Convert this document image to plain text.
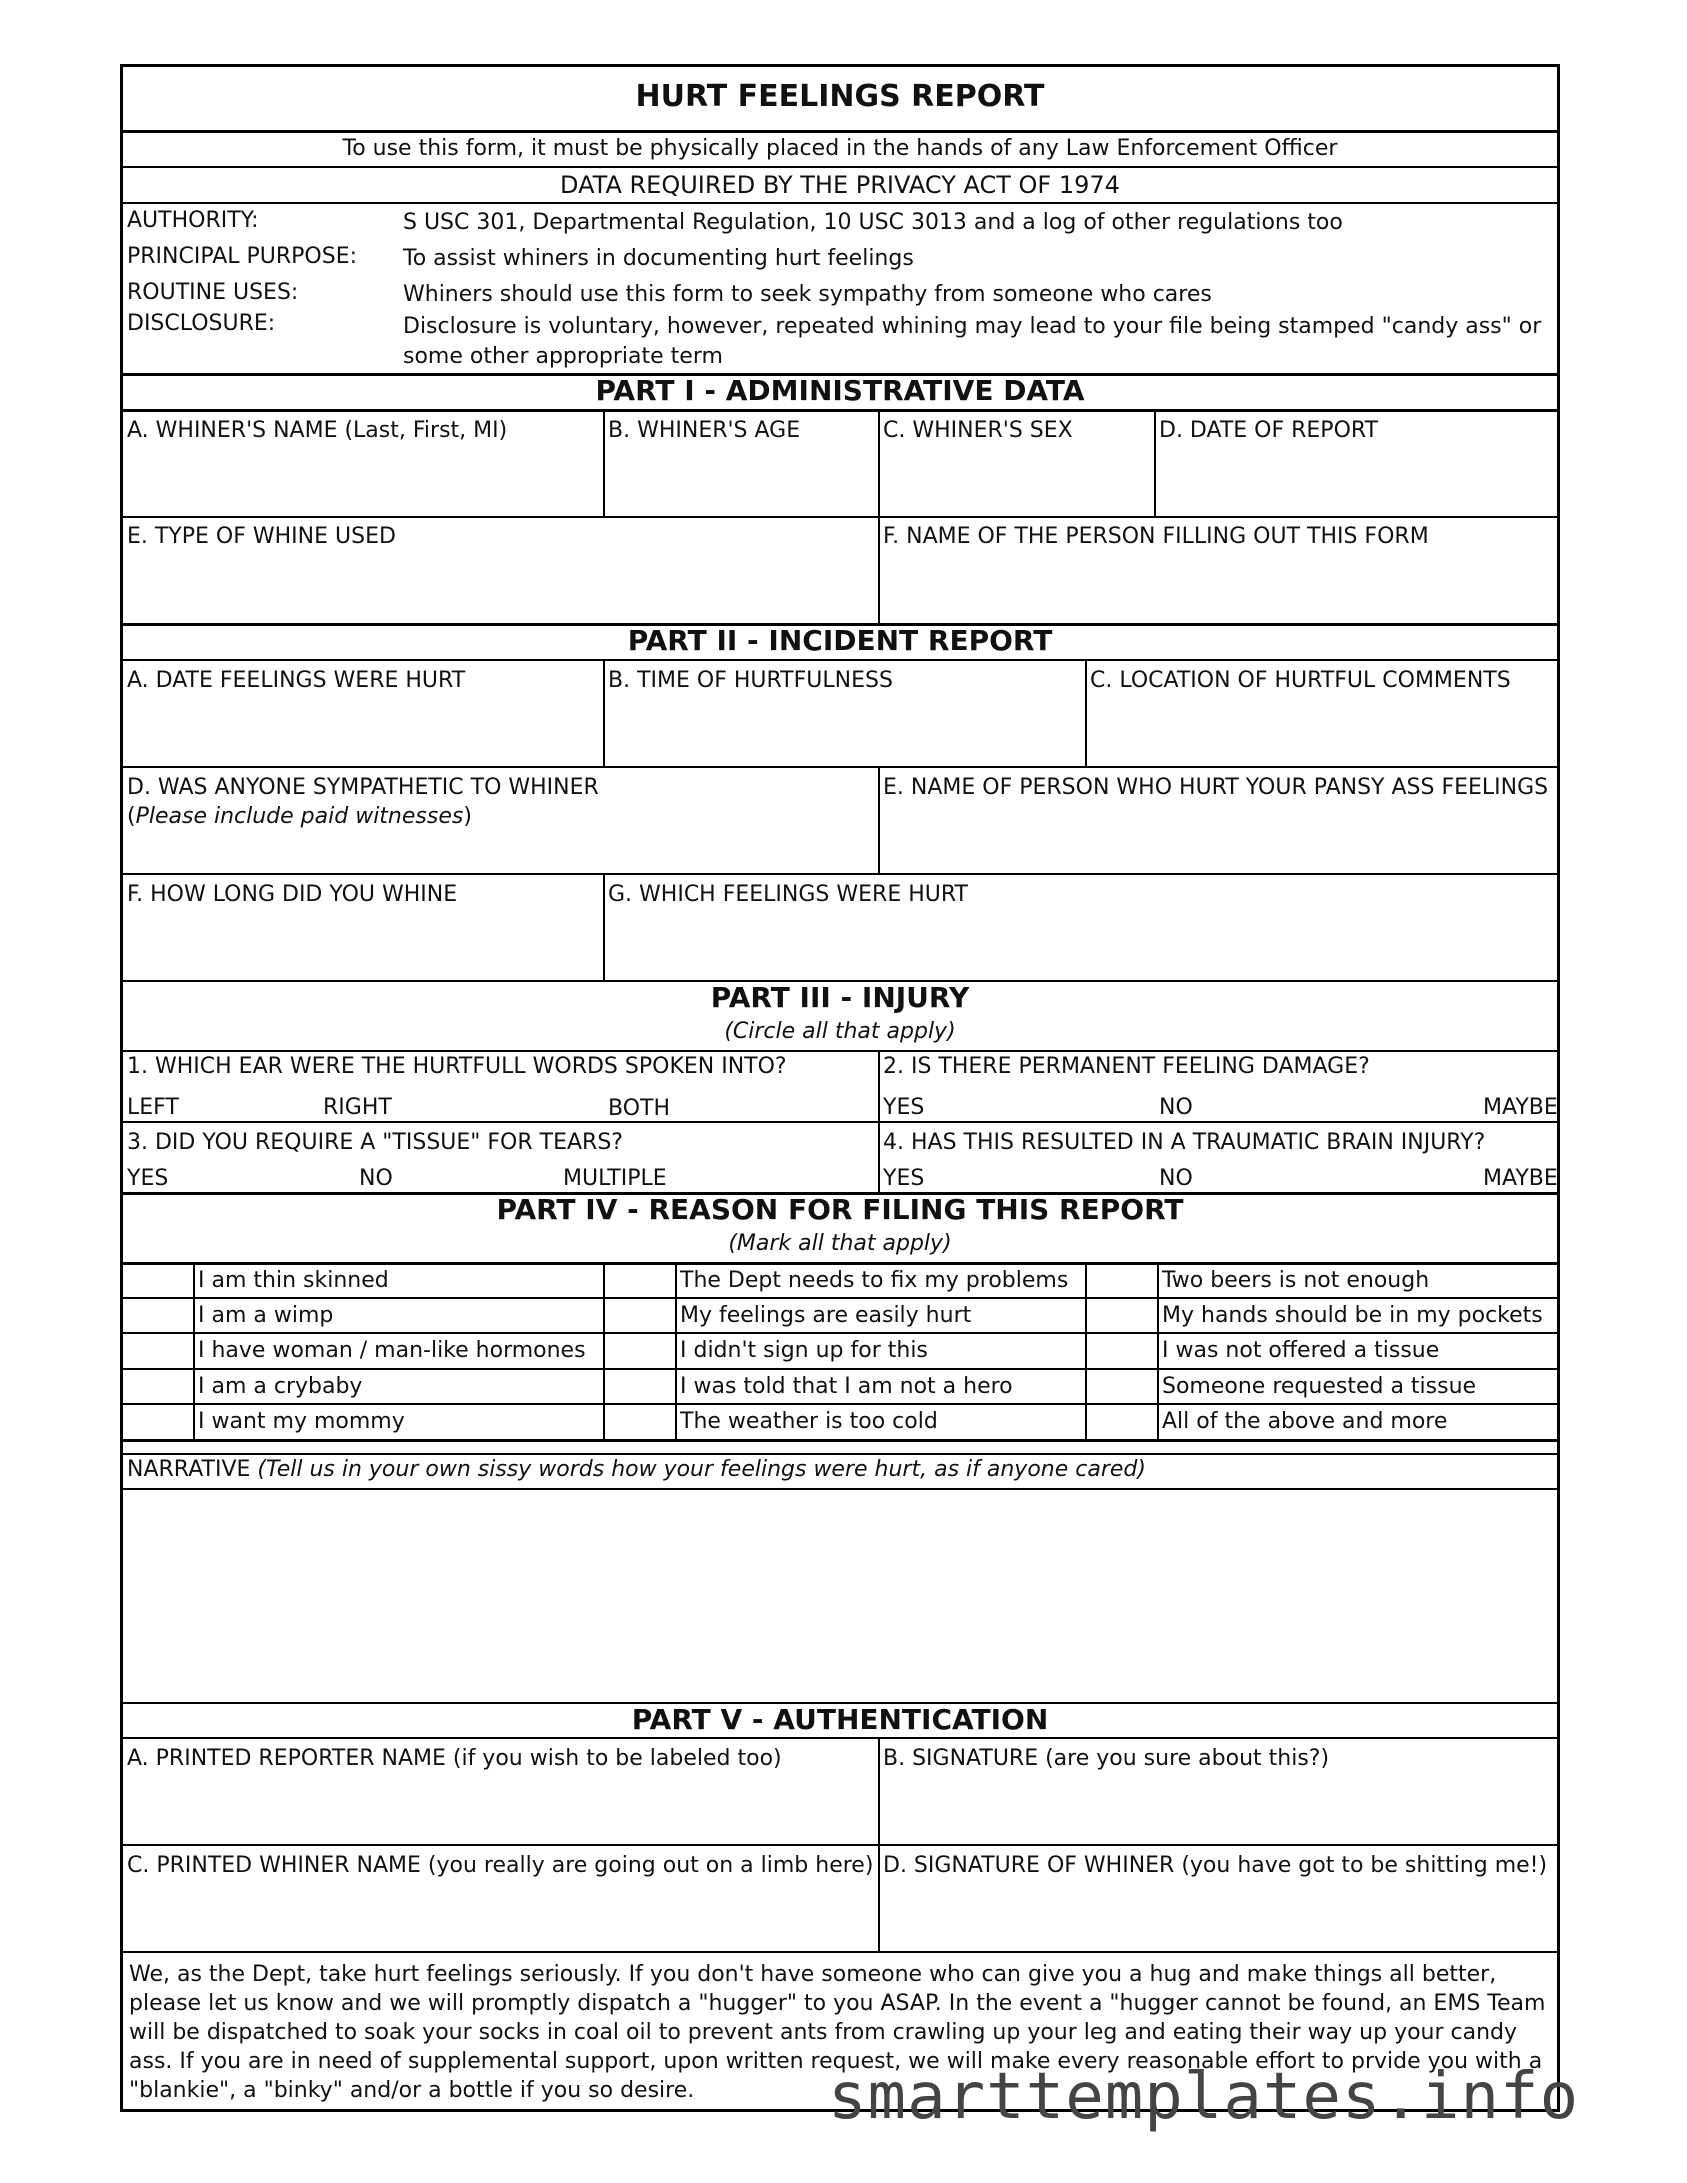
HURT FEELINGS REPORT
To use this form, it must be physically placed in the hands of any Law Enforcement Officer
DATA REQUIRED BY THE PRIVACY ACT OF 1974
AUTHORITY:	S USC 301, Departmental Regulation, 10 USC 3013 and a log of other regulations too
PRINCIPAL PURPOSE: To assist whiners in documenting hurt feelings
ROUTINE USES:	Whiners should use this form to seek sympathy from someone who cares
DISCLOSURE:	Disclosure is voluntary, however, repeated whining may lead to your file being stamped "candy ass" or
some other appropriate term
PART I - ADMINISTRATIVE DATA
A. WHINER'S NAME (Last, First, MI)	B. WHINER'S AGE	C. WHINER'S SEX	D. DATE OF REPORT
E. TYPE OF WHINE USED	F. NAME OF THE PERSON FILLING OUT THIS FORM
PART II - INCIDENT REPORT
A. DATE FEELINGS WERE HURT	B. TIME OF HURTFULNESS	C. LOCATION OF HURTFUL COMMENTS
D. WAS ANYONE SYMPATHETIC TO WHINER
(Please include paid witnesses)
E. NAME OF PERSON WHO HURT YOUR PANSY ASS FEELINGS
F. HOW LONG DID YOU WHINE	G. WHICH FEELINGS WERE HURT
PART III - INJURY
(Circle all that apply)
1. WHICH EAR WERE THE HURTFULL WORDS SPOKEN INTO?
LEFT	RIGHT	BOTH
2. IS THERE PERMANENT FEELING DAMAGE?
YES	NO	MAYBE
3. DID YOU REQUIRE A "TISSUE" FOR TEARS?
YES	NO	MULTIPLE
4. HAS THIS RESULTED IN A TRAUMATIC BRAIN INJURY?
YES	NO	MAYBE
PART IV - REASON FOR FILING THIS REPORT
(Mark all that apply)
I am thin skinned
I am a wimp
I have woman / man-like hormones
I am a crybaby
I want my mommy
The Dept needs to fix my problems
My feelings are easily hurt
I didn't sign up for this
I was told that I am not a hero
The weather is too cold
Two beers is not enough
My hands should be in my pockets
I was not offered a tissue
Someone requested a tissue
All of the above and more
NARRATIVE (Tell us in your own sissy words how your feelings were hurt, as if anyone cared)
PART V - AUTHENTICATION
A. PRINTED REPORTER NAME (if you wish to be labeled too)	B. SIGNATURE (are you sure about this?)
C. PRINTED WHINER NAME (you really are going out on a limb here) D. SIGNATURE OF WHINER (you have got to be shitting me!)
We, as the Dept, take hurt feelings seriously. If you don't have someone who can give you a hug and make things all better, please let us know and we will promptly dispatch a "hugger" to you ASAP. In the event a "hugger cannot be found, an EMS Team will be dispatched to soak your socks in coal oil to prevent ants from crawling up your leg and eating their way up your candy ass. If you are in need of supplemental support, upon written request, we will make every reasonable effort to prvide you with a "blankie", a "binky" and/or a bottle if you so desire.	smarttemplates.info
